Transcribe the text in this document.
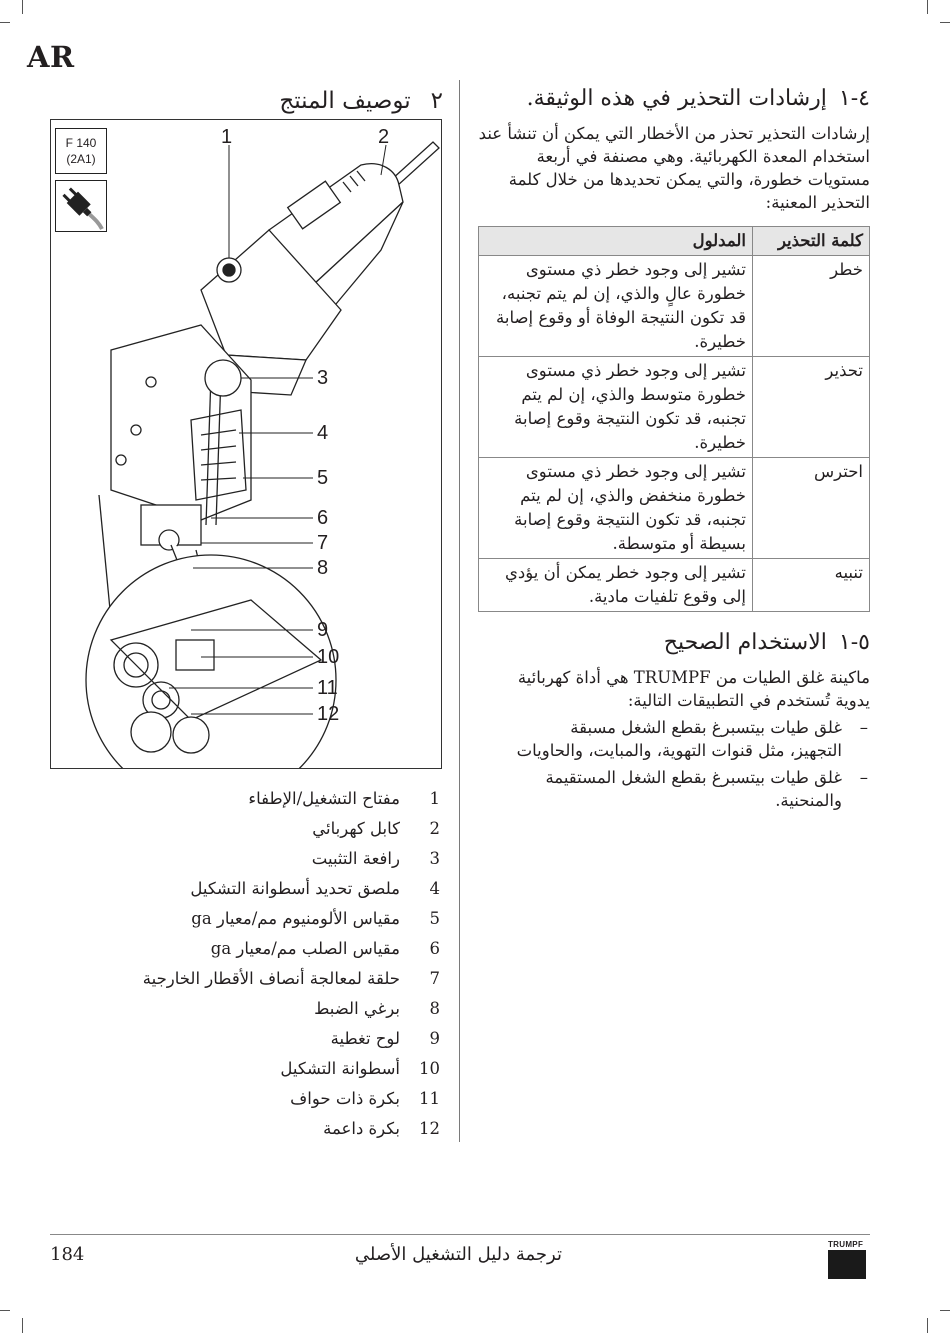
AR
٤-١إرشادات التحذير في هذه الوثيقة.

إرشادات التحذير تحذر من الأخطار التي يمكن أن تنشأ عند استخدام المعدة الكهربائية. وهي مصنفة في أربعة مستويات خطورة، والتي يمكن تحديدها من خلال كلمة التحذير المعنية:

كلمة التحذير	المدلول
خطر	تشير إلى وجود خطر ذي مستوى خطورة عالٍ والذي، إن لم يتم تجنبه، قد تكون النتيجة الوفاة أو وقوع إصابة خطيرة.
تحذير	تشير إلى وجود خطر ذي مستوى خطورة متوسط والذي، إن لم يتم تجنبه، قد تكون النتيجة وقوع إصابة خطيرة.
احترس	تشير إلى وجود خطر ذي مستوى خطورة منخفض والذي، إن لم يتم تجنبه، قد تكون النتيجة وقوع إصابة بسيطة أو متوسطة.
تنبيه	تشير إلى وجود خطر يمكن أن يؤدي إلى وقوع تلفيات مادية.
٥-١الاستخدام الصحيح

ماكينة غلق الطيات من TRUMPF هي أداة كهربائية يدوية تُستخدم في التطبيقات التالية:

–
غلق طيات بيتسبرغ بقطع الشغل مسبقة التجهيز، مثل قنوات التهوية، والمبايت، والحاويات
–
غلق طيات بيتسبرغ بقطع الشغل المستقيمة والمنحنية.
٢توصيف المنتج
F 140
(2A1)
1	2
3
4
5
6
7
8
9
10
11
12
1مفتاح التشغيل/الإطفاء
2كابل كهربائي
3رافعة التثبيت
4ملصق تحديد أسطوانة التشكيل
5مقياس الألومنيوم مم/معيار ga
6مقياس الصلب مم/معيار ga
7حلقة لمعالجة أنصاف الأقطار الخارجية
8برغي الضبط
9لوح تغطية
10أسطوانة التشكيل
11بكرة ذات حواف
12بكرة داعمة
184	ترجمة دليل التشغيل الأصلي	TRUMPF
